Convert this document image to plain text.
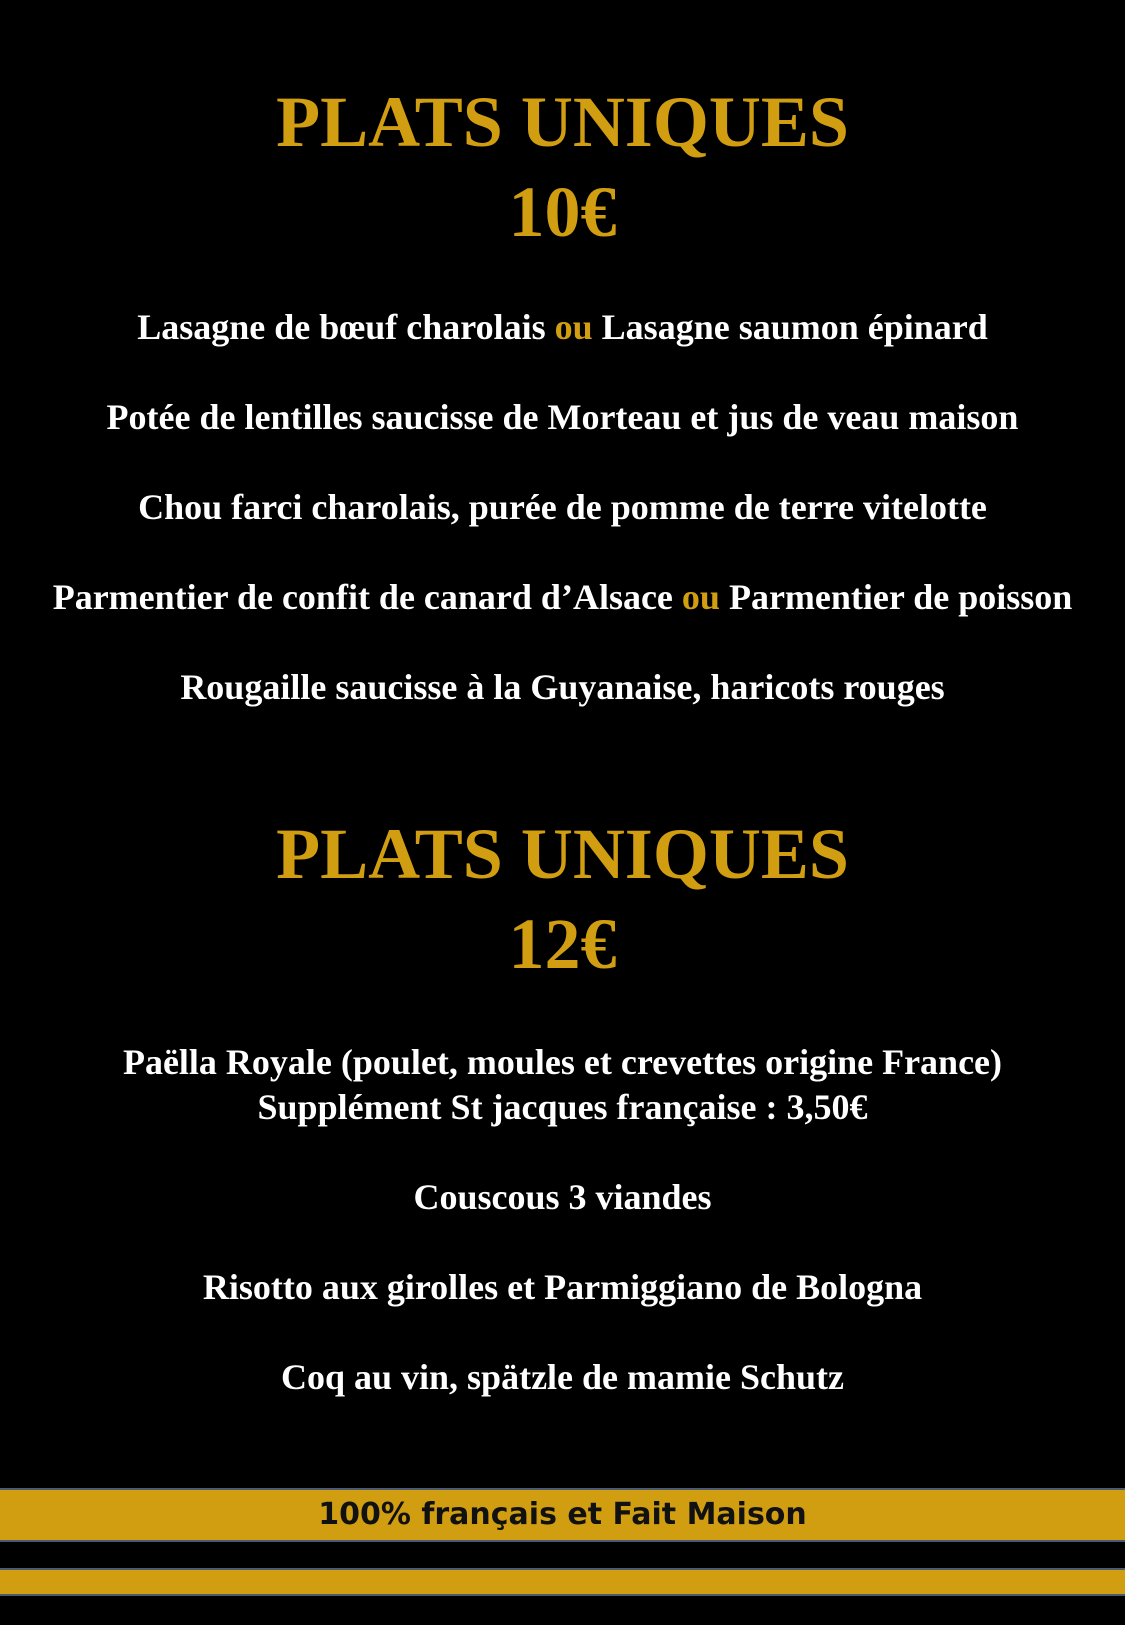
PLATS UNIQUES
10€
Lasagne de bœuf charolais ou Lasagne saumon épinard
Potée de lentilles saucisse de Morteau et jus de veau maison
Chou farci charolais, purée de pomme de terre vitelotte
Parmentier de confit de canard d’Alsace ou Parmentier de poisson
Rougaille saucisse à la Guyanaise, haricots rouges
PLATS UNIQUES
12€
Paëlla Royale (poulet, moules et crevettes origine France)
Supplément St jacques française : 3,50€
Couscous 3 viandes
Risotto aux girolles et Parmiggiano de Bologna
Coq au vin, spätzle de mamie Schutz
100% français et Fait Maison
